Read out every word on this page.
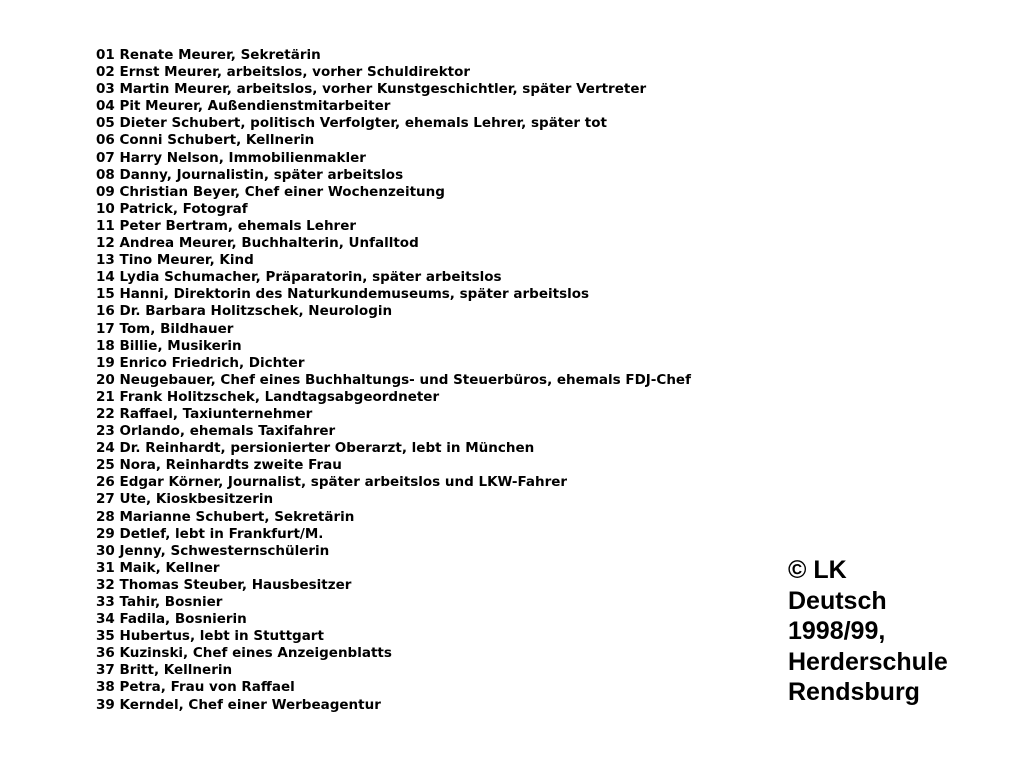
01 Renate Meurer, Sekretärin
02 Ernst Meurer, arbeitslos, vorher Schuldirektor
03 Martin Meurer, arbeitslos, vorher Kunstgeschichtler, später Vertreter
04 Pit Meurer, Außendienstmitarbeiter
05 Dieter Schubert, politisch Verfolgter, ehemals Lehrer, später tot
06 Conni Schubert, Kellnerin
07 Harry Nelson, Immobilienmakler
08 Danny, Journalistin, später arbeitslos
09 Christian Beyer, Chef einer Wochenzeitung
10 Patrick, Fotograf
11 Peter Bertram, ehemals Lehrer
12 Andrea Meurer, Buchhalterin, Unfalltod
13 Tino Meurer, Kind
14 Lydia Schumacher, Präparatorin, später arbeitslos
15 Hanni, Direktorin des Naturkundemuseums, später arbeitslos
16 Dr. Barbara Holitzschek, Neurologin
17 Tom, Bildhauer
18 Billie, Musikerin
19 Enrico Friedrich, Dichter
20 Neugebauer, Chef eines Buchhaltungs- und Steuerbüros, ehemals FDJ-Chef
21 Frank Holitzschek, Landtagsabgeordneter
22 Raffael, Taxiunternehmer
23 Orlando, ehemals Taxifahrer
24 Dr. Reinhardt, persionierter Oberarzt, lebt in München
25 Nora, Reinhardts zweite Frau
26 Edgar Körner, Journalist, später arbeitslos und LKW-Fahrer
27 Ute, Kioskbesitzerin
28 Marianne Schubert, Sekretärin
29 Detlef, lebt in Frankfurt/M.
30 Jenny, Schwesternschülerin
31 Maik, Kellner
32 Thomas Steuber, Hausbesitzer
33 Tahir, Bosnier
34 Fadila, Bosnierin
35 Hubertus, lebt in Stuttgart
36 Kuzinski, Chef eines Anzeigenblatts
37 Britt, Kellnerin
38 Petra, Frau von Raffael
39 Kerndel, Chef einer Werbeagentur
© LK
Deutsch
1998/99,
Herderschule
Rendsburg
